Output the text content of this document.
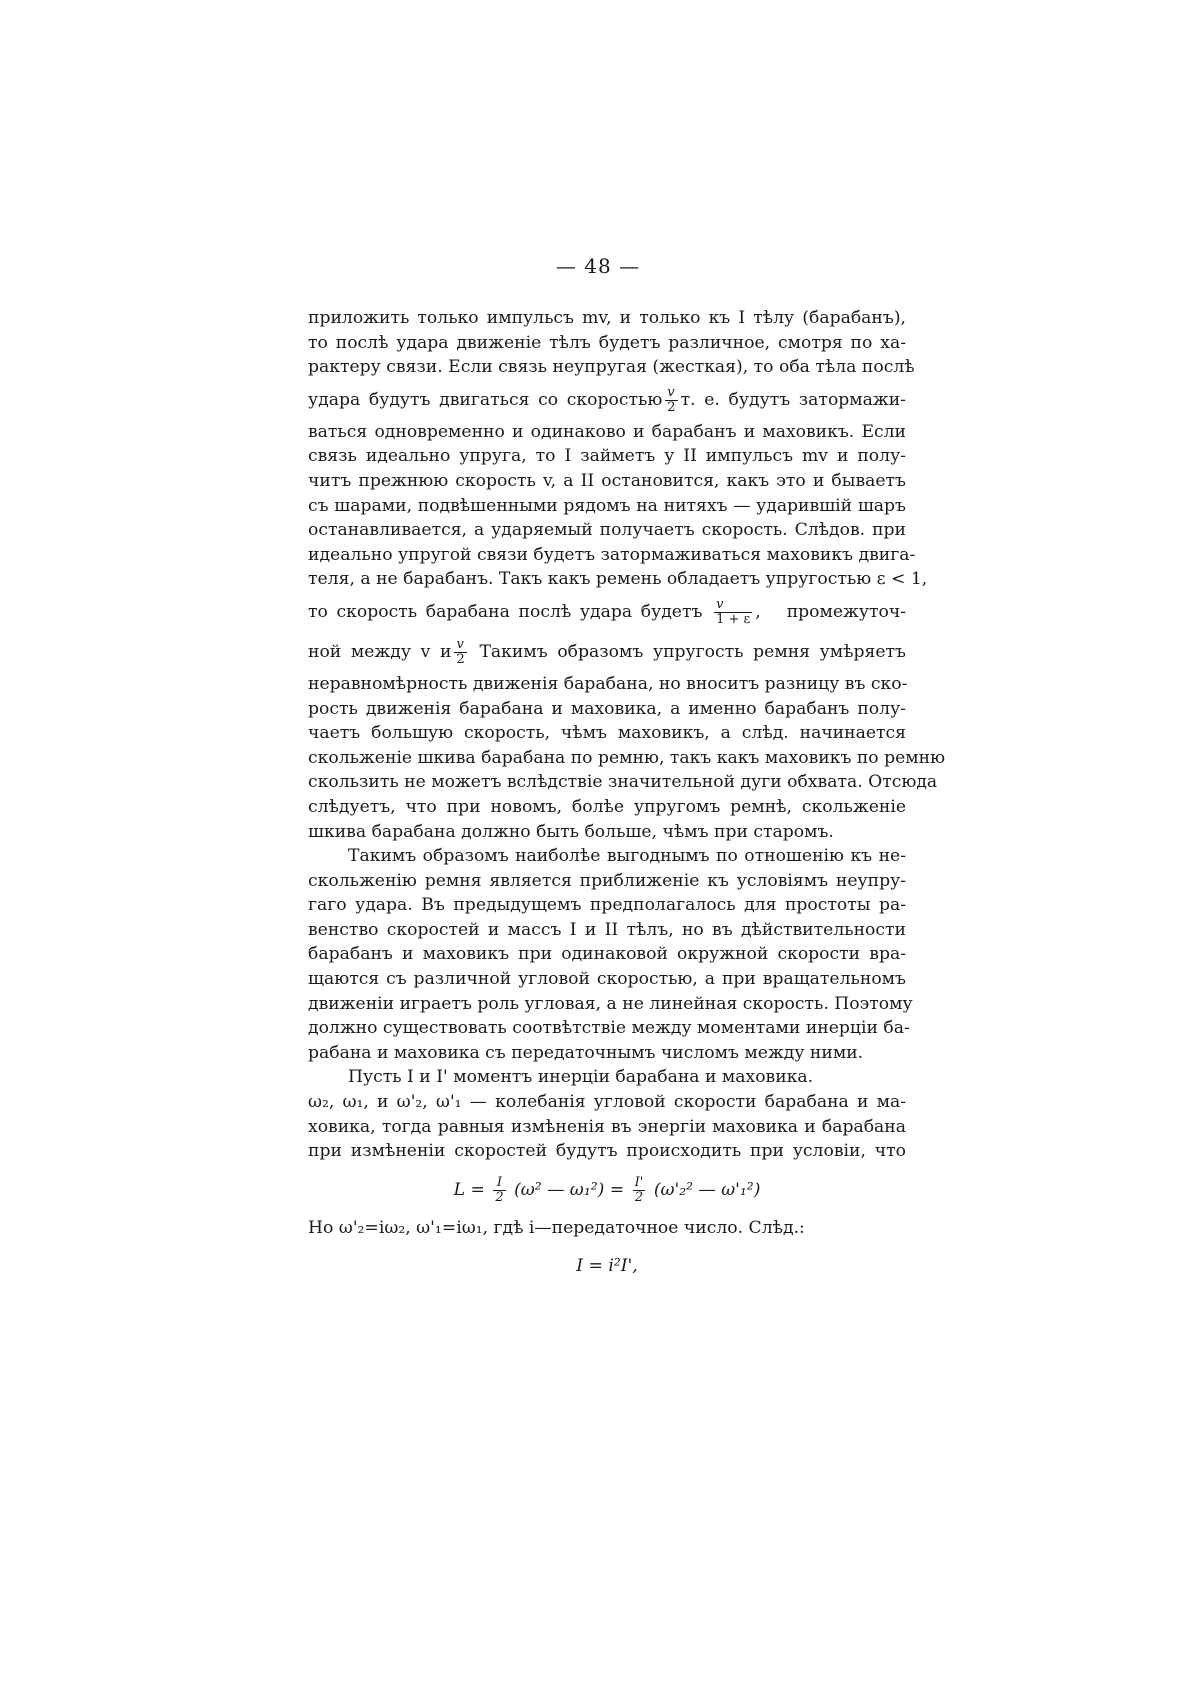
— 48 —
приложить только импульсъ mv, и только къ I тѣлу (барабанъ),
то послѣ удара движенiе тѣлъ будетъ различное, смотря по ха-
рактеру связи. Если связь неупругая (жесткая), то оба тѣла послѣ
удара будутъ двигаться со скоростью $\frac{v}{2} т$. е. будутъ затормажи-
ваться одновременно и одинаково и барабанъ и маховикъ. Если
связь идеально упруга, то I займетъ у II импульсъ mv и полу-
читъ прежнюю скорость v, а II остановится, какъ это и бываетъ
съ шарами, подвѣшенными рядомъ на нитяхъ — ударившiй шаръ
останавливается, а ударяемый получаетъ скорость. Слѣдов. при
идеально упругой связи будетъ затормаживаться маховикъ двига-
теля, а не барабанъ. Такъ какъ ремень обладаетъ упругостью ε < 1,
то скорость барабана послѣ удара будетъ $\frac{v}{1 + \varepsilon}$ ,   промежуточ-
ной между v и $\frac{v}{2}$ Такимъ образомъ упругость ремня умѣряетъ
неравномѣрность движенiя барабана, но вноситъ разницу въ ско-
рость движенiя барабана и маховика, а именно барабанъ полу-
чаетъ большую скорость, чѣмъ маховикъ, а слѣд. начинается
скольженiе шкива барабана по ремню, такъ какъ маховикъ по ремню
скользить не можетъ вслѣдствiе значительной дуги обхвата. Отсюда
слѣдуетъ, что при новомъ, болѣе упругомъ ремнѣ, скольженiе
шкива барабана должно быть больше, чѣмъ при старомъ.
Такимъ образомъ наиболѣе выгоднымъ по отношенiю къ не-
скольженiю ремня является приближенiе къ условiямъ неупру-
гаго удара. Въ предыдущемъ предполагалось для простоты ра-
венство скоростей и массъ I и II тѣлъ, но въ дѣйствительности
барабанъ и маховикъ при одинаковой окружной скорости вра-
щаются съ различной угловой скоростью, а при вращательномъ
движенiи играетъ роль угловая, а не линейная скорость. Поэтому
должно существовать соотвѣтствiе между моментами инерцiи ба-
рабана и маховика съ передаточнымъ числомъ между ними.
Пусть I и I' моментъ инерцiи барабана и маховика.
ω₂, ω₁, и ω'₂, ω'₁ — колебанiя угловой скорости барабана и ма-
ховика, тогда равныя измѣненiя въ энергiи маховика и барабана
при измѣненiи скоростей будутъ происходить при условiи, что
$L = \frac{I}{2} (\omega^2$ — $\omega_1^2) = \frac{I'}{2} (\omega'_2^2$ — ω'₁²)
Но ω'₂=iω₂, ω'₁=iω₁, гдѣ i—передаточное число. Слѣд.:
I = i²I',
